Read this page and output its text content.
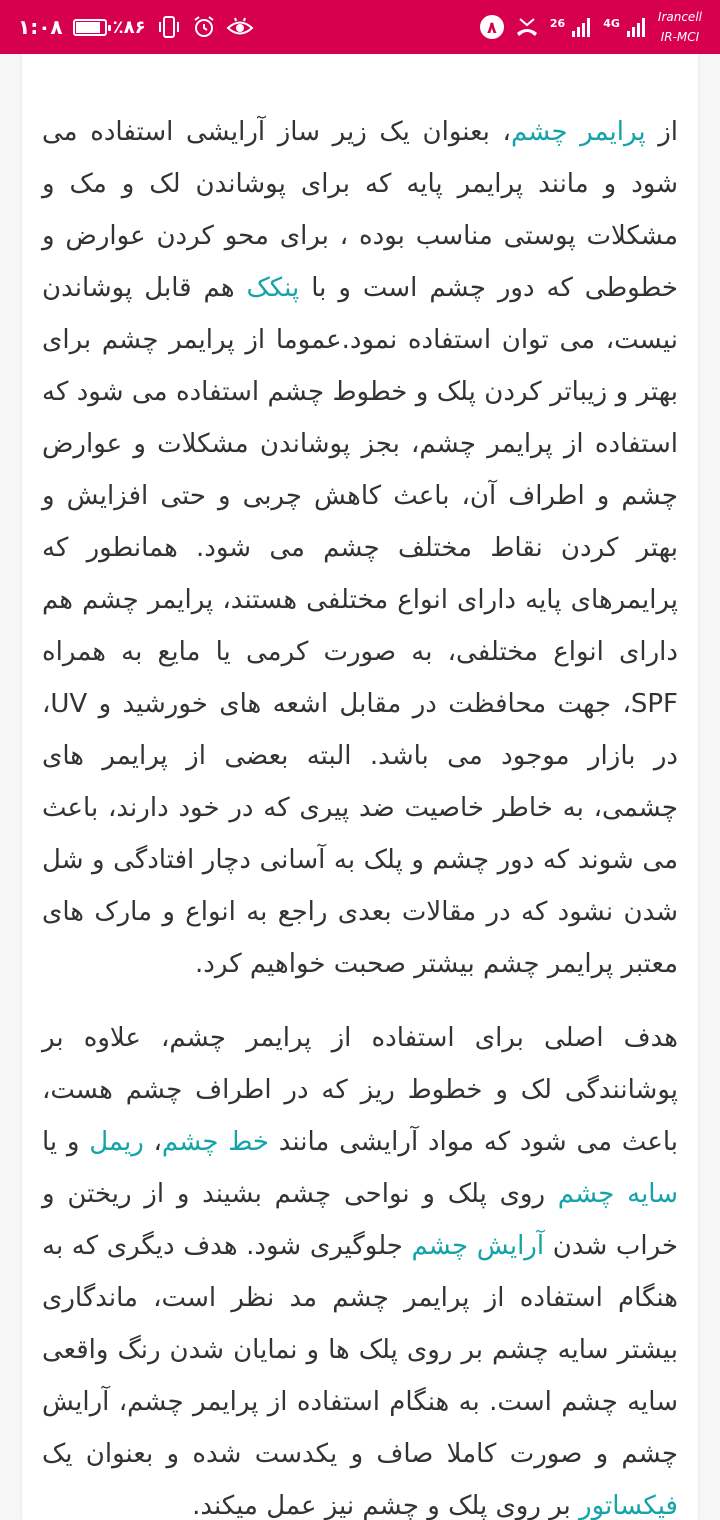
۱:۰۸	٪۸۶	۸	26	4G	Irancell
IR-MCI

از پرایمر چشم، بعنوان یک زیر ساز آرایشی استفاده می شود و مانند پرایمر پایه که برای پوشاندن لک و مک و مشکلات پوستی مناسب بوده ، برای محو کردن عوارض و خطوطی که دور چشم است و با پنکک هم قابل پوشاندن نیست، می توان استفاده نمود.عموما از پرایمر چشم برای بهتر و زیباتر کردن پلک و خطوط چشم استفاده می شود که استفاده از پرایمر چشم، بجز پوشاندن مشکلات و عوارض چشم و اطراف آن، باعث کاهش چربی و حتی افزایش و بهتر کردن نقاط مختلف چشم می شود. همانطور که پرایمرهای پایه دارای انواع مختلفی هستند، پرایمر چشم هم دارای انواع مختلفی، به صورت کرمی یا مایع به همراه SPF، جهت محافظت در مقابل اشعه های خورشید و UV، در بازار موجود می باشد. البته بعضی از پرایمر های چشمی، به خاطر خاصیت ضد پیری که در خود دارند، باعث می شوند که دور چشم و پلک به آسانی دچار افتادگی و شل شدن نشود که در مقالات بعدی راجع به انواع و مارک های معتبر پرایمر چشم بیشتر صحبت خواهیم کرد.

هدف اصلی برای استفاده از پرایمر چشم، علاوه بر پوشانندگی لک و خطوط ریز که در اطراف چشم هست، باعث می شود که مواد آرایشی مانند خط چشم، ریمل و یا سایه چشم روی پلک و نواحی چشم بشیند و از ریختن و خراب شدن آرایش چشم جلوگیری شود. هدف دیگری که به هنگام استفاده از پرایمر چشم مد نظر است، ماندگاری بیشتر سایه چشم بر روی پلک ها و نمایان شدن رنگ واقعی سایه چشم است. به هنگام استفاده از پرایمر چشم، آرایش چشم و صورت کاملا صاف و یکدست شده و بعنوان یک فیکساتور بر روی پلک و چشم نیز عمل میکند.
